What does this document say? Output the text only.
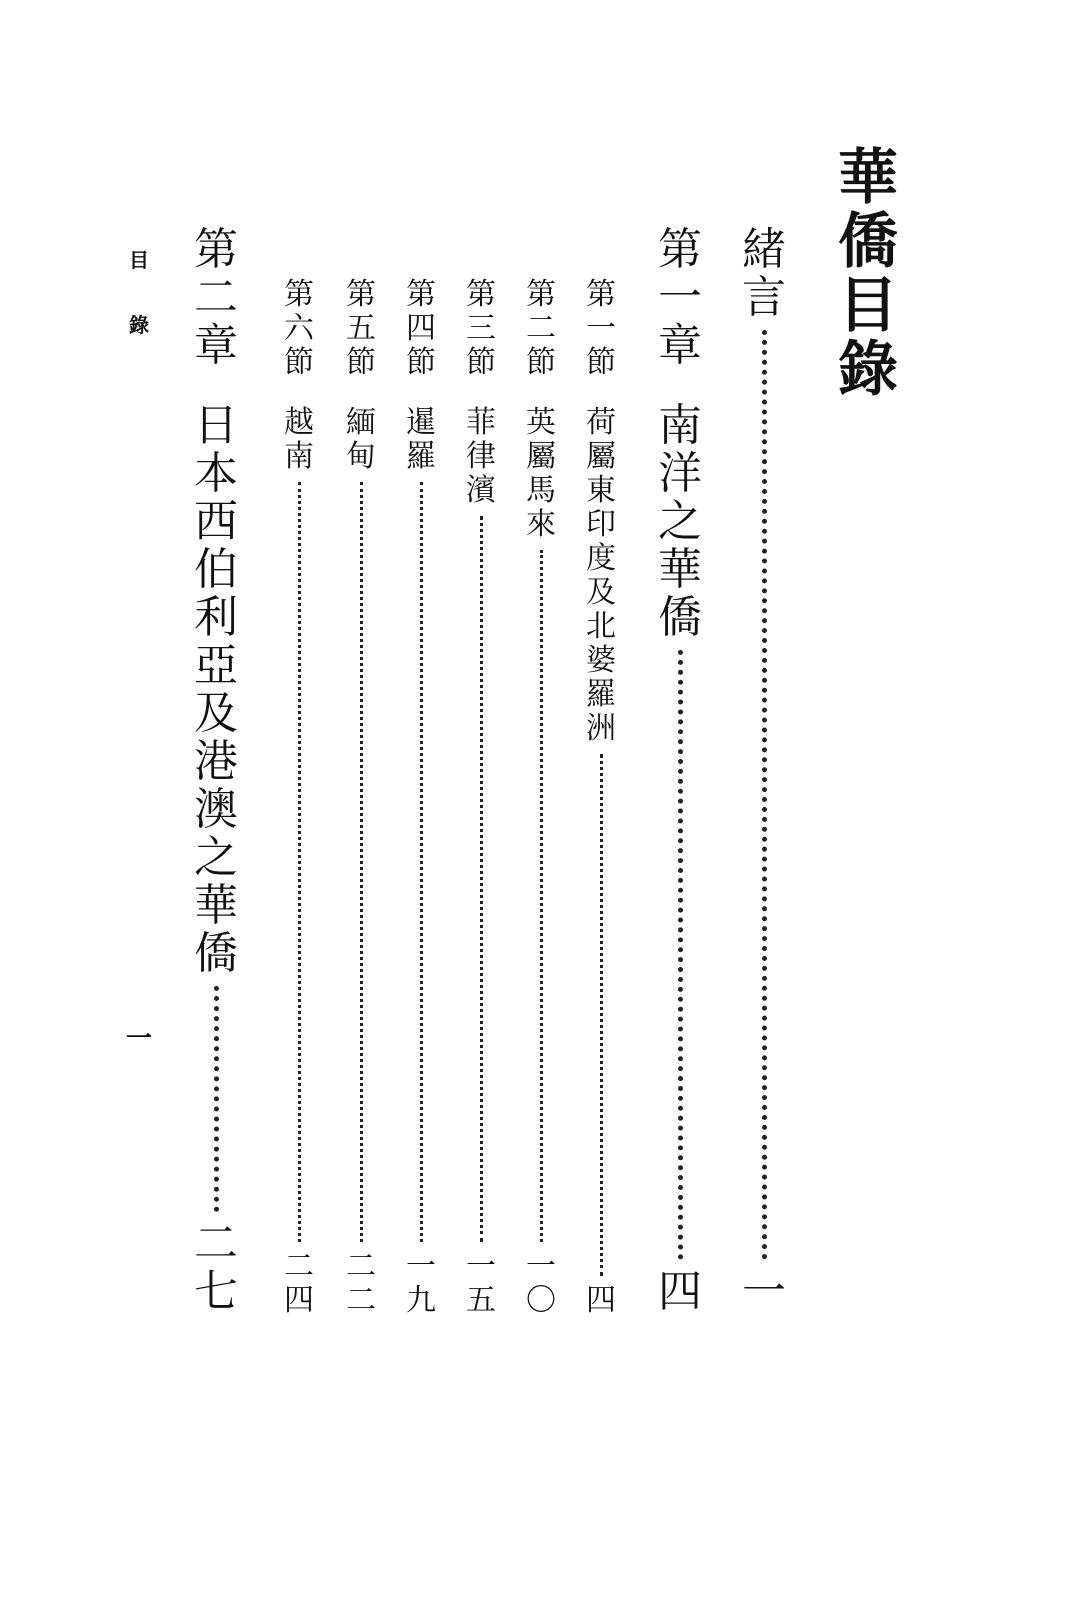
華
僑
目
錄
緒
言
一
第
一
章
南
洋
之
華
僑
四
第
一
節
荷
屬
東
印
度
及
北
婆
羅
洲
四
第
二
節
英
屬
馬
來
一
〇
第
三
節
菲
律
濱
一
五
第
四
節
暹
羅
一
九
第
五
節
緬
甸
二
二
第
六
節
越
南
二
四
第
二
章
日
本
西
伯
利
亞
及
港
澳
之
華
僑
二
七
目
錄
一
